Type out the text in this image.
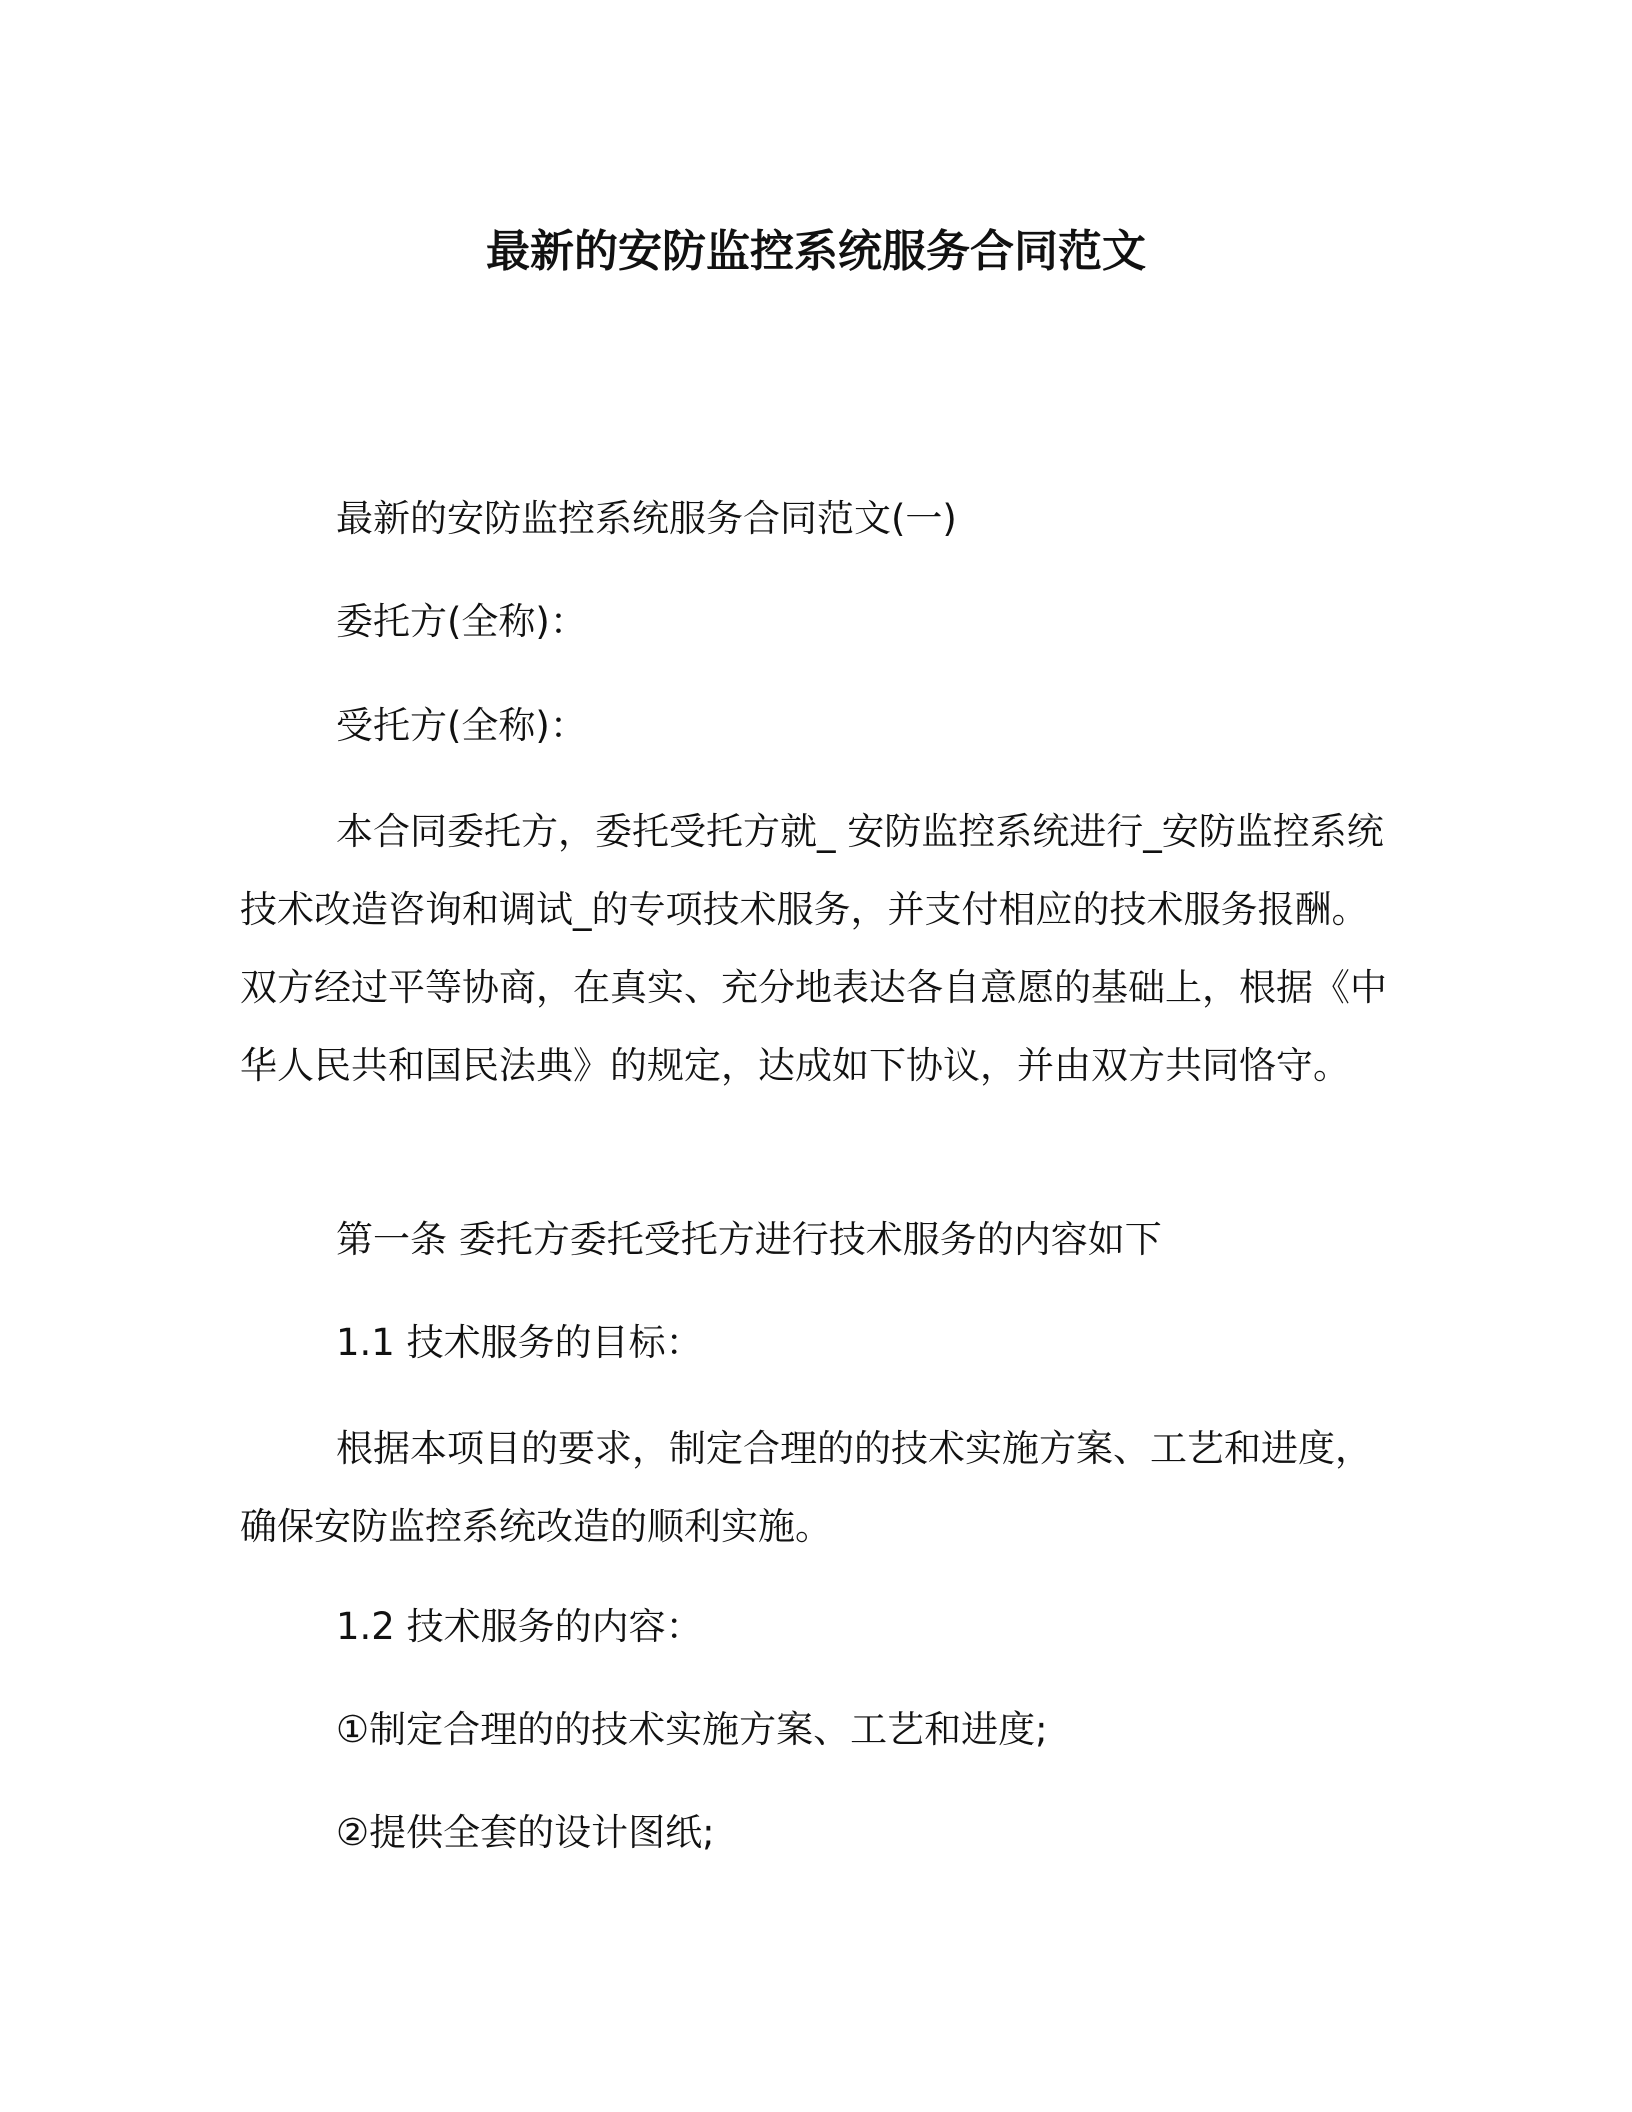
最新的安防监控系统服务合同范文
最新的安防监控系统服务合同范文(一)
委托方(全称)：
受托方(全称)：

本合同委托方，委托受托方就_ 安防监控系统进行_安防监控系统技术改造咨询和调试_的专项技术服务，并支付相应的技术服务报酬。双方经过平等协商，在真实、充分地表达各自意愿的基础上，根据《中华人民共和国民法典》的规定，达成如下协议，并由双方共同恪守。

第一条 委托方委托受托方进行技术服务的内容如下
1.1 技术服务的目标：

根据本项目的要求，制定合理的的技术实施方案、工艺和进度，确保安防监控系统改造的顺利实施。

1.2 技术服务的内容：
①制定合理的的技术实施方案、工艺和进度;
②提供全套的设计图纸;
